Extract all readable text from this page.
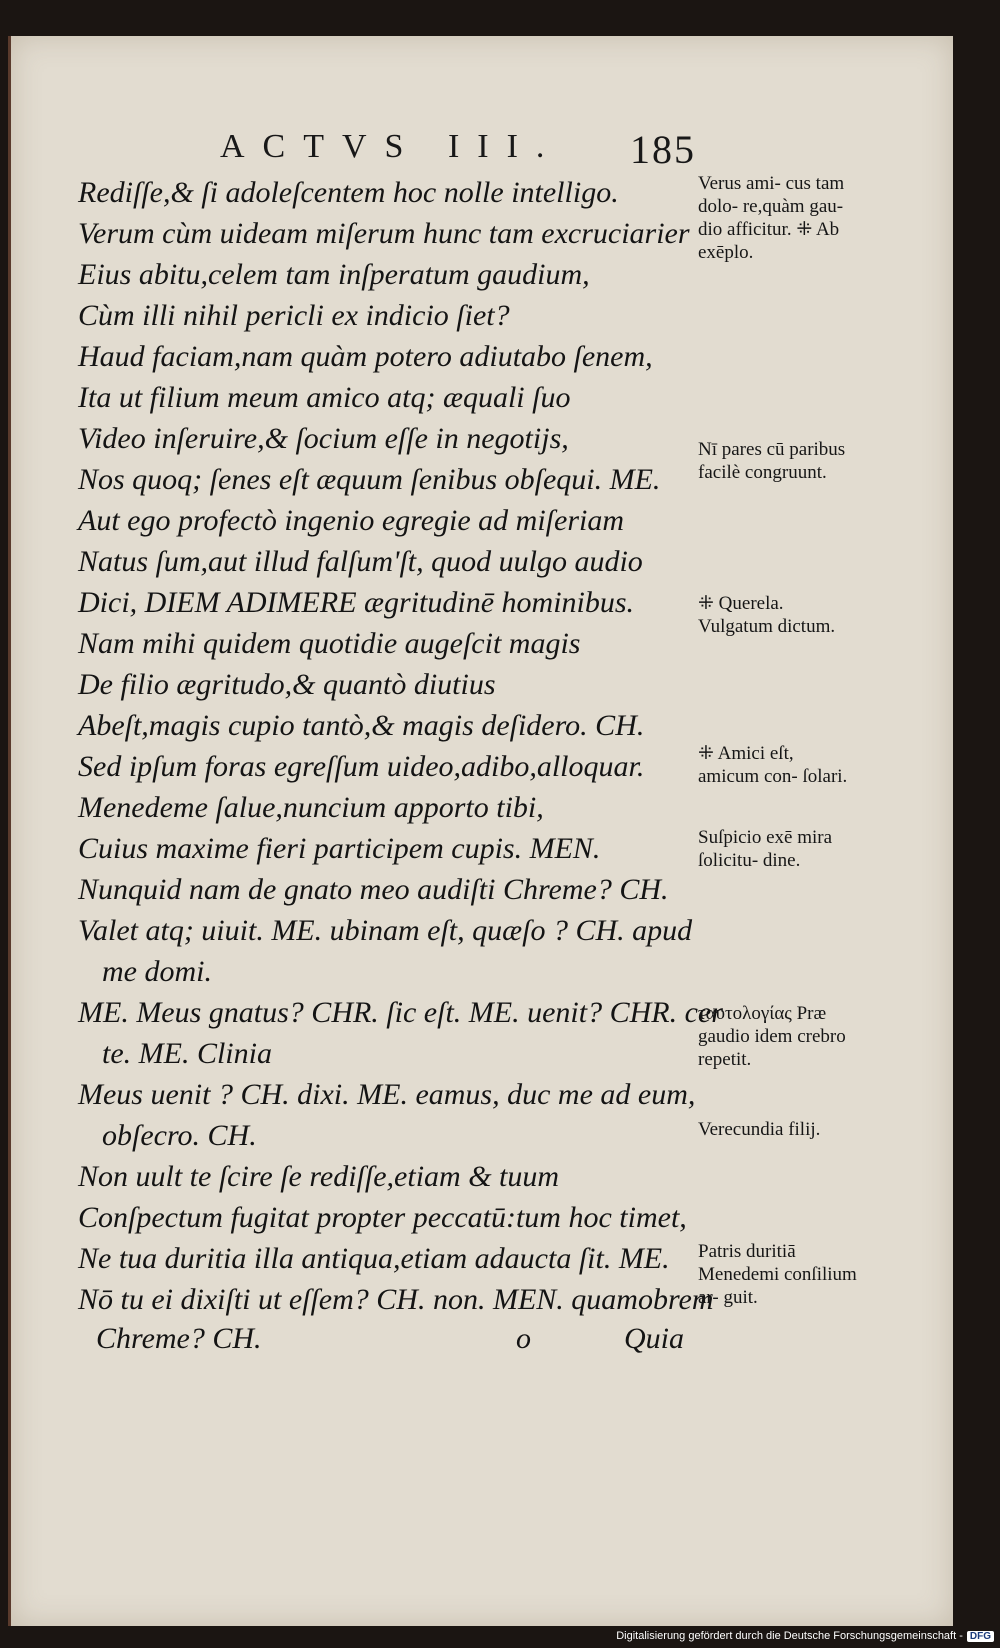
ACTVS III. 185
Rediſſe,& ſi adoleſcentem hoc nolle intelligo.
Verum cùm uideam miſerum hunc tam excruciarier
Eius abitu,celem tam inſperatum gaudium,
Cùm illi nihil pericli ex indicio ſiet?
Haud faciam,nam quàm potero adiutabo ſenem,
Ita ut filium meum amico atq; æquali ſuo
Video inſeruire,& ſocium eſſe in negotijs,
Nos quoq; ſenes eſt æquum ſenibus obſequi. ME.
Aut ego profectò ingenio egregie ad miſeriam
Natus ſum,aut illud falſum'ſt, quod uulgo audio
Dici, DIEM ADIMERE ægritudinē hominibus.
Nam mihi quidem quotidie augeſcit magis
De filio ægritudo,& quantò diutius
Abeſt,magis cupio tantò,& magis deſidero. CH.
Sed ipſum foras egreſſum uideo,adibo,alloquar.
Menedeme ſalue,nuncium apporto tibi,
Cuius maxime fieri participem cupis. MEN.
Nunquid nam de gnato meo audiſti Chreme? CH.
Valet atq; uiuit. ME. ubinam eſt, quæſo ? CH. apud
me domi.
ME. Meus gnatus? CHR. ſic eſt. ME. uenit? CHR. cer
te. ME. Clinia
Meus uenit ? CH. dixi. ME. eamus, duc me ad eum,
obſecro. CH.
Non uult te ſcire ſe rediſſe,etiam & tuum
Conſpectum fugitat propter peccatū:tum hoc timet,
Ne tua duritia illa antiqua,etiam adaucta ſit. ME.
Nō tu ei dixiſti ut eſſem? CH. non. MEN. quamobrem
Chreme? CH.	o	Quia
Verus ami- cus tam dolo- re,quàm gau- dio afficitur. ⁜ Ab exēplo.
Nī pares cū paribus facilè congruunt.
⁜ Querela. Vulgatum dictum.
⁜ Amici eſt, amicum con- ſolari.
Suſpicio exē mira ſolicitu- dine.
ταυτολογίας Præ gaudio idem crebro repetit.
Verecundia filij.
Patris duritiā Menedemi conſilium ar- guit.
Digitalisierung gefördert durch die Deutsche Forschungsgemeinschaft - DFG
